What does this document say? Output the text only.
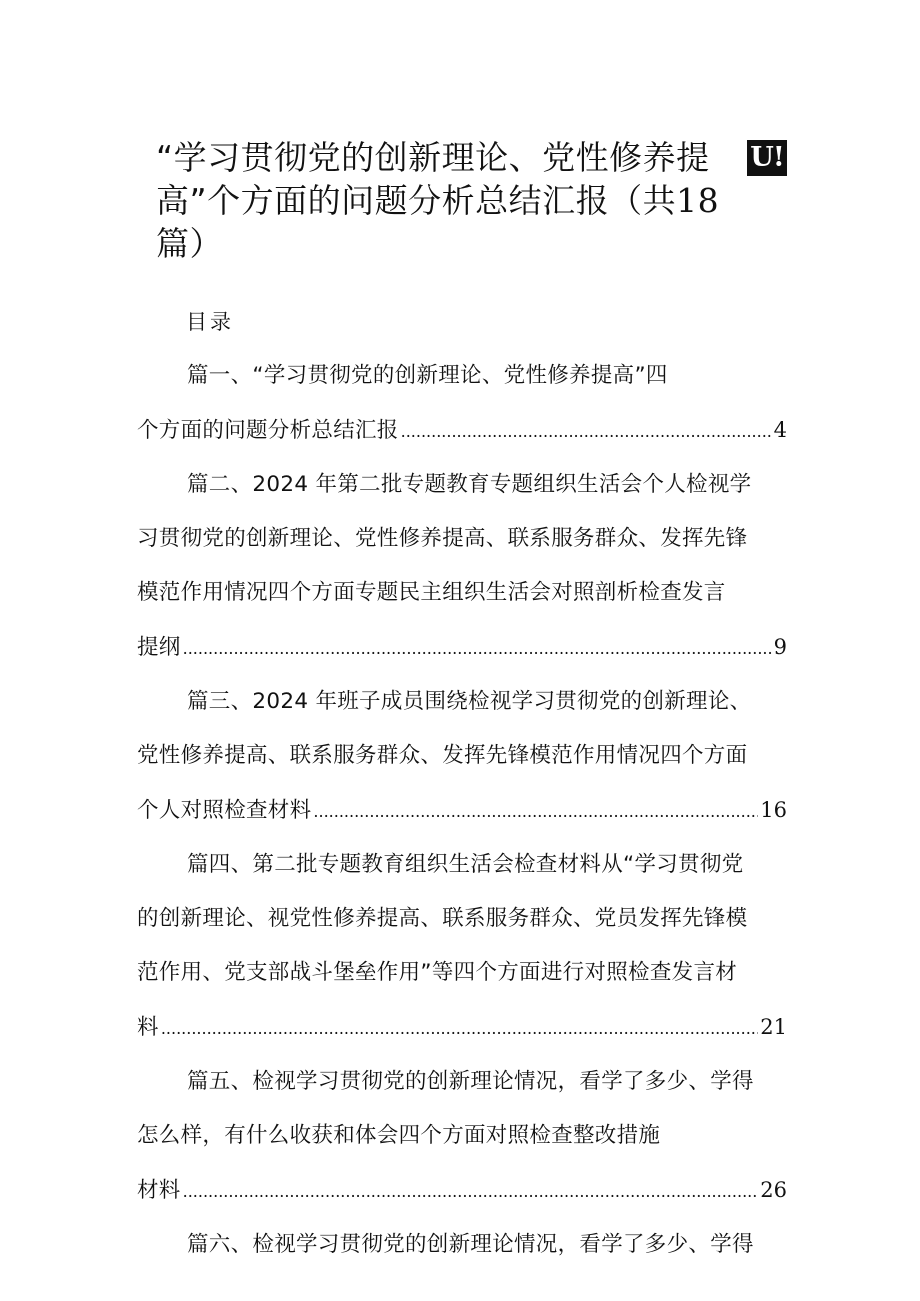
U!
“学习贯彻党的创新理论、党性修养提
高”个方面的问题分析总结汇报（共18
篇）
目录
篇一、“学习贯彻党的创新理论、党性修养提高”四
个方面的问题分析总结汇报 .....	4
篇二、2024 年第二批专题教育专题组织生活会个人检视学
习贯彻党的创新理论、党性修养提高、联系服务群众、发挥先锋
模范作用情况四个方面专题民主组织生活会对照剖析检查发言
提纲 .....	9
篇三、2024 年班子成员围绕检视学习贯彻党的创新理论、
党性修养提高、联系服务群众、发挥先锋模范作用情况四个方面
个人对照检查材料 .....	16
篇四、第二批专题教育组织生活会检查材料从“学习贯彻党
的创新理论、视党性修养提高、联系服务群众、党员发挥先锋模
范作用、党支部战斗堡垒作用”等四个方面进行对照检查发言材
料 .....	21
篇五、检视学习贯彻党的创新理论情况，看学了多少、学得
怎么样，有什么收获和体会四个方面对照检查整改措施
材料 .....	26
篇六、检视学习贯彻党的创新理论情况，看学了多少、学得
